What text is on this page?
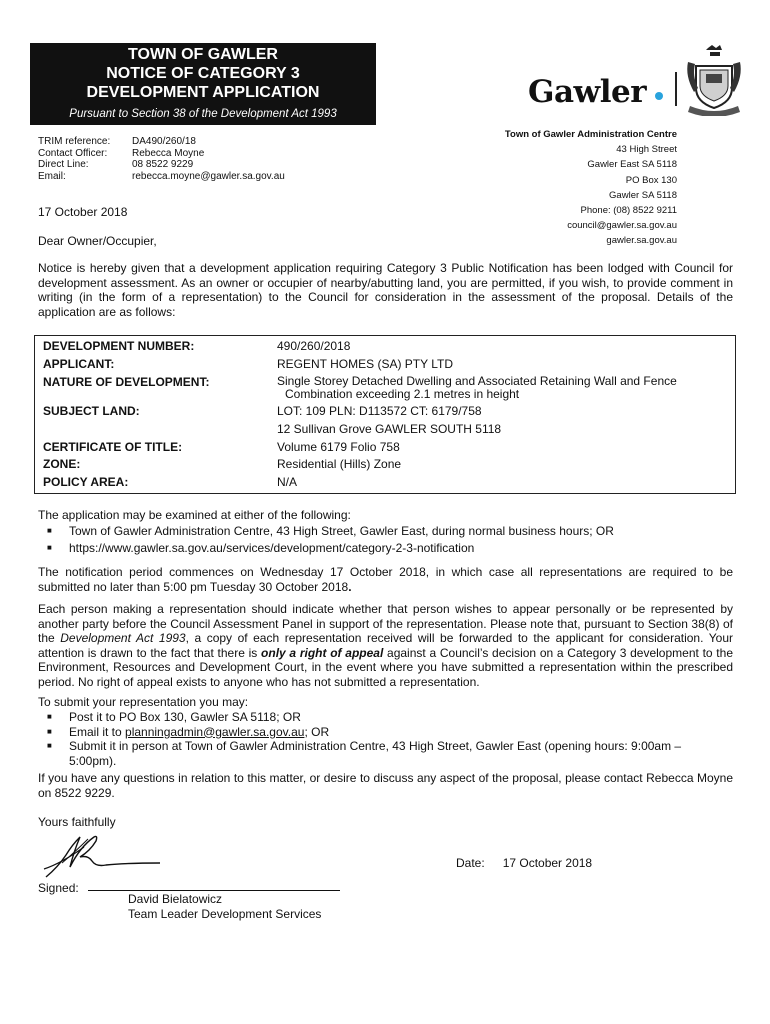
TOWN OF GAWLER
NOTICE OF CATEGORY 3
DEVELOPMENT APPLICATION
Pursuant to Section 38 of the Development Act 1993
Gawler
TRIM reference:	DA490/260/18
Contact Officer:	Rebecca Moyne
Direct Line:	08 8522 9229
Email:	rebecca.moyne@gawler.sa.gov.au
Town of Gawler Administration Centre
43 High Street
Gawler East SA 5118
PO Box 130
Gawler SA 5118
Phone: (08) 8522 9211
council@gawler.sa.gov.au
gawler.sa.gov.au
17 October 2018
Dear Owner/Occupier,
Notice is hereby given that a development application requiring Category 3 Public Notification has been lodged with Council for development assessment. As an owner or occupier of nearby/abutting land, you are permitted, if you wish, to provide comment in writing (in the form of a representation) to the Council for consideration in the assessment of the proposal. Details of the application are as follows:
DEVELOPMENT NUMBER:	490/260/2018
APPLICANT:	REGENT HOMES (SA) PTY LTD
NATURE OF DEVELOPMENT:	Single Storey Detached Dwelling and Associated Retaining Wall and Fence
Combination exceeding 2.1 metres in height
SUBJECT LAND:	LOT: 109 PLN: D113572 CT: 6179/758
12 Sullivan Grove GAWLER SOUTH 5118
CERTIFICATE OF TITLE:	Volume 6179 Folio 758
ZONE:	Residential (Hills) Zone
POLICY AREA:	N/A
The application may be examined at either of the following:
■	Town of Gawler Administration Centre, 43 High Street, Gawler East, during normal business hours; OR
■	https://www.gawler.sa.gov.au/services/development/category-2-3-notification
The notification period commences on Wednesday 17 October 2018, in which case all representations are required to be submitted no later than 5:00 pm Tuesday 30 October 2018.
Each person making a representation should indicate whether that person wishes to appear personally or be represented by another party before the Council Assessment Panel in support of the representation. Please note that, pursuant to Section 38(8) of the Development Act 1993, a copy of each representation received will be forwarded to the applicant for consideration. Your attention is drawn to the fact that there is only a right of appeal against a Council’s decision on a Category 3 development to the Environment, Resources and Development Court, in the event where you have submitted a representation within the prescribed period. No right of appeal exists to anyone who has not submitted a representation.
To submit your representation you may:
■	Post it to PO Box 130, Gawler SA 5118; OR
■	Email it to planningadmin@gawler.sa.gov.au; OR
■	Submit it in person at Town of Gawler Administration Centre, 43 High Street, Gawler East (opening hours: 9:00am –
5:00pm).
If you have any questions in relation to this matter, or desire to discuss any aspect of the proposal, please contact Rebecca Moyne on 8522 9229.
Yours faithfully
Date: 17 October 2018
Signed:
David Bielatowicz
Team Leader Development Services
